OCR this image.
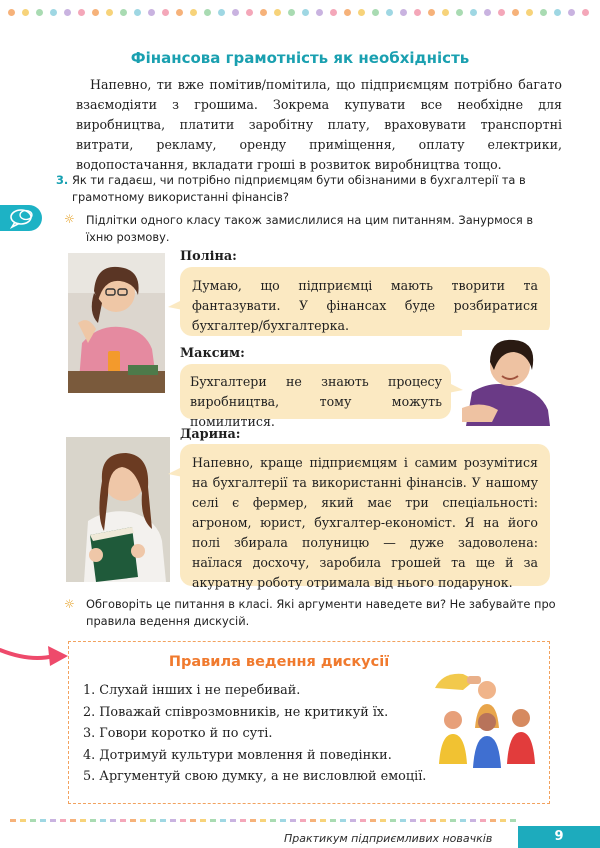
Фінансова грамотність як необхідність

Напевно, ти вже помітив/помітила, що підприємцям потрібно багато взаємодіяти з грошима. Зокрема купувати все необхідне для виробництва, платити заробітну плату, враховувати транспортні витрати, рекламу, оренду приміщення, оплату електрики, водопостачання, вкладати гроші в розвиток виробництва тощо.

3. Як ти гадаєш, чи потрібно підприємцям бути обізнаними в бухгалтерії та в грамотному використанні фінансів?

☼ Підлітки одного класу також замислилися на цим питанням. Занурмося в їхню розмову.

Поліна:

Думаю, що підприємці мають творити та фантазувати. У фінансах буде розбиратися бухгалтер/бухгалтерка.

Максим:

Бухгалтери не знають процесу виробництва, тому можуть помилитися.

Дарина:

Напевно, краще підприємцям і самим розумітися на бухгалтерії та використанні фінансів. У нашому селі є фермер, який має три спеціальності: агроном, юрист, бухгалтер-економіст. Я на його полі збирала полуницю — дуже задоволена: наїлася досхочу, заробила грошей та ще й за акуратну роботу отримала від нього подарунок.

☼ Обговоріть це питання в класі. Які аргументи наведете ви? Не забувайте про правила ведення дискусій.

Правила ведення дискусії
1. Слухай інших і не перебивай.
2. Поважай співрозмовників, не критикуй їх.
3. Говори коротко й по суті.
4. Дотримуй культури мовлення й поведінки.
5. Аргументуй свою думку, а не висловлюй емоції.
Практикум підприємливих новачків	9
